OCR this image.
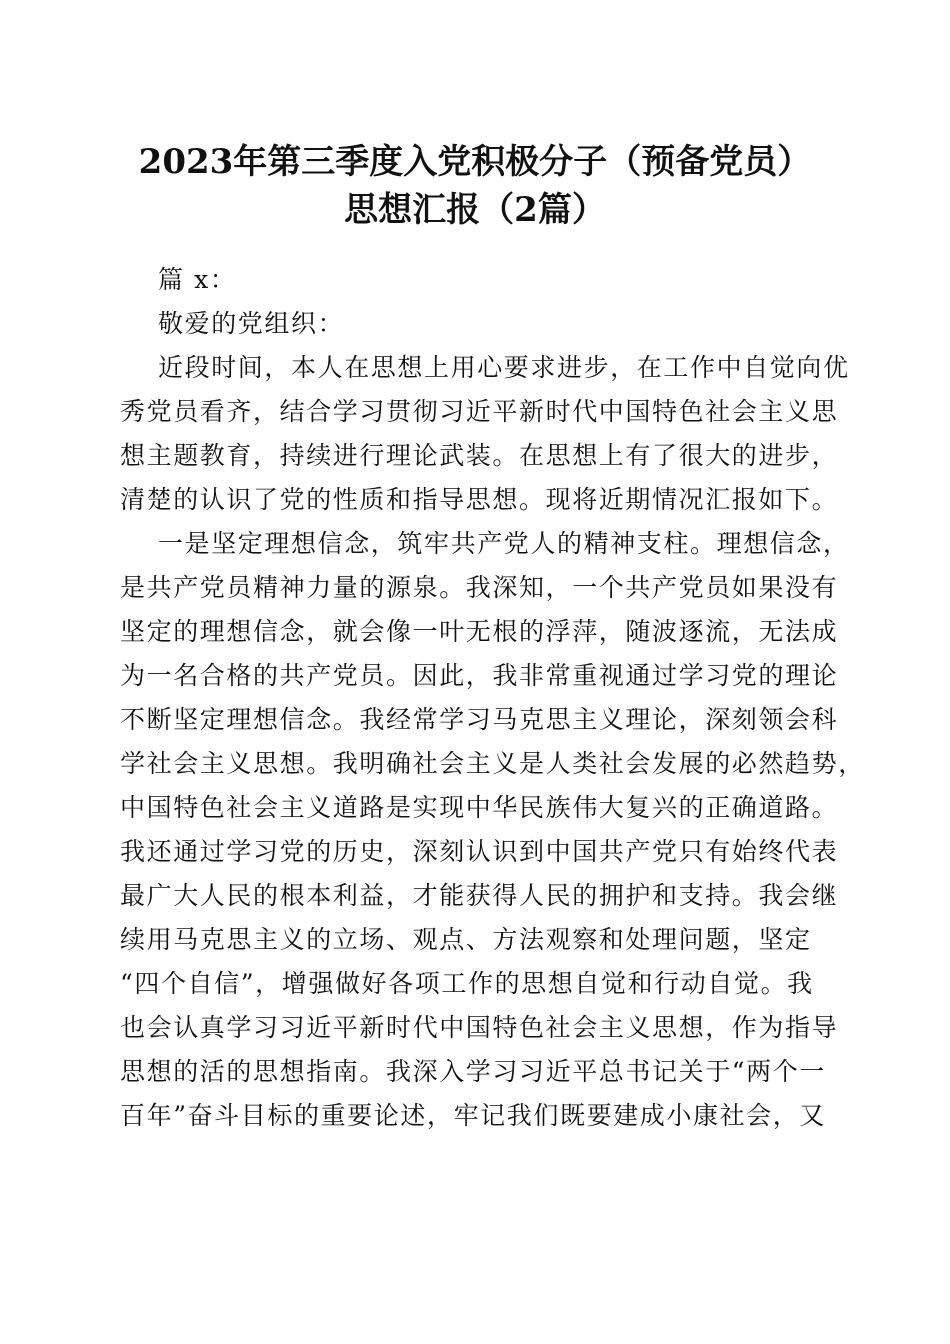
2023年第三季度入党积极分子（预备党员）
思想汇报（2篇）
篇 x：
敬爱的党组织：
近段时间，本人在思想上用心要求进步，在工作中自觉向优
秀党员看齐，结合学习贯彻习近平新时代中国特色社会主义思
想主题教育，持续进行理论武装。在思想上有了很大的进步，
清楚的认识了党的性质和指导思想。现将近期情况汇报如下。
一是坚定理想信念，筑牢共产党人的精神支柱。理想信念，
是共产党员精神力量的源泉。我深知，一个共产党员如果没有
坚定的理想信念，就会像一叶无根的浮萍，随波逐流，无法成
为一名合格的共产党员。因此，我非常重视通过学习党的理论
不断坚定理想信念。我经常学习马克思主义理论，深刻领会科
学社会主义思想。我明确社会主义是人类社会发展的必然趋势，
中国特色社会主义道路是实现中华民族伟大复兴的正确道路。
我还通过学习党的历史，深刻认识到中国共产党只有始终代表
最广大人民的根本利益，才能获得人民的拥护和支持。我会继
续用马克思主义的立场、观点、方法观察和处理问题，坚定
“四个自信”，增强做好各项工作的思想自觉和行动自觉。我
也会认真学习习近平新时代中国特色社会主义思想，作为指导
思想的活的思想指南。我深入学习习近平总书记关于“两个一
百年”奋斗目标的重要论述，牢记我们既要建成小康社会，又
